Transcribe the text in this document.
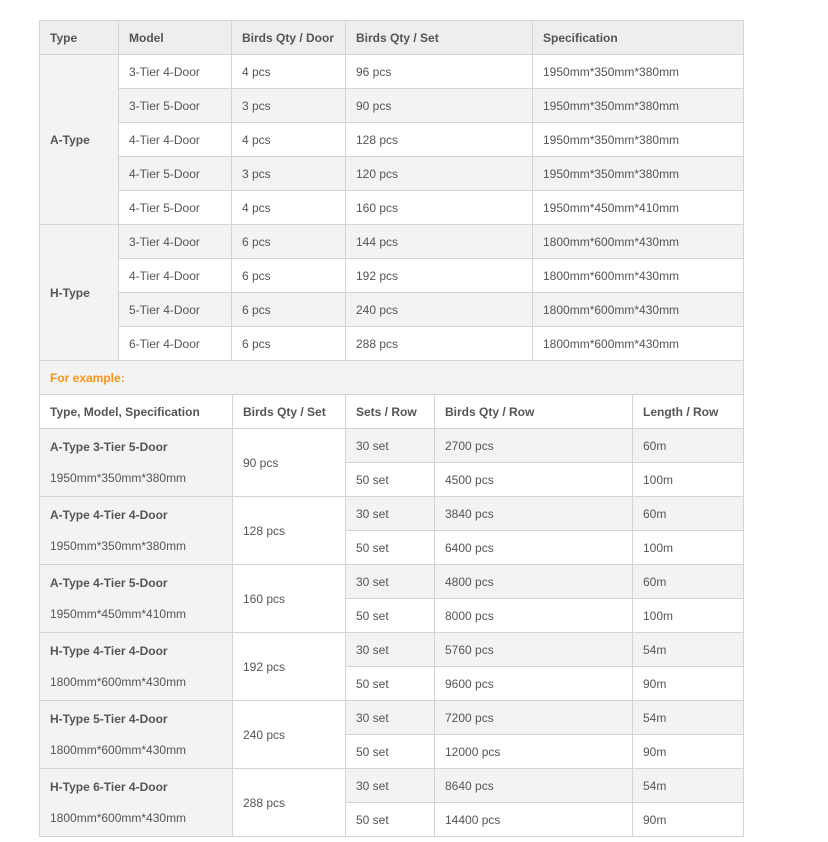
Type	Model	Birds Qty / Door	Birds Qty / Set	Specification
A-Type	3-Tier 4-Door	4 pcs	96 pcs	1950mm*350mm*380mm
	3-Tier 5-Door	3 pcs	90 pcs	1950mm*350mm*380mm
	4-Tier 4-Door	4 pcs	128 pcs	1950mm*350mm*380mm
	4-Tier 5-Door	3 pcs	120 pcs	1950mm*350mm*380mm
	4-Tier 5-Door	4 pcs	160 pcs	1950mm*450mm*410mm
H-Type	3-Tier 4-Door	6 pcs	144 pcs	1800mm*600mm*430mm
	4-Tier 4-Door	6 pcs	192 pcs	1800mm*600mm*430mm
	5-Tier 4-Door	6 pcs	240 pcs	1800mm*600mm*430mm
	6-Tier 4-Door	6 pcs	288 pcs	1800mm*600mm*430mm
For example:				
Type, Model, Specification	Birds Qty / Set	Sets / Row	Birds Qty / Row	Length / Row

A-Type 3-Tier 5-Door
1950mm*350mm*380mm	90 pcs	30 set	2700 pcs	60m
		50 set	4500 pcs	100m

A-Type 4-Tier 4-Door
1950mm*350mm*380mm	128 pcs	30 set	3840 pcs	60m
		50 set	6400 pcs	100m

A-Type 4-Tier 5-Door
1950mm*450mm*410mm	160 pcs	30 set	4800 pcs	60m
		50 set	8000 pcs	100m

H-Type 4-Tier 4-Door
1800mm*600mm*430mm	192 pcs	30 set	5760 pcs	54m
		50 set	9600 pcs	90m

H-Type 5-Tier 4-Door
1800mm*600mm*430mm	240 pcs	30 set	7200 pcs	54m
		50 set	12000 pcs	90m

H-Type 6-Tier 4-Door
1800mm*600mm*430mm	288 pcs	30 set	8640 pcs	54m
		50 set	14400 pcs	90m
